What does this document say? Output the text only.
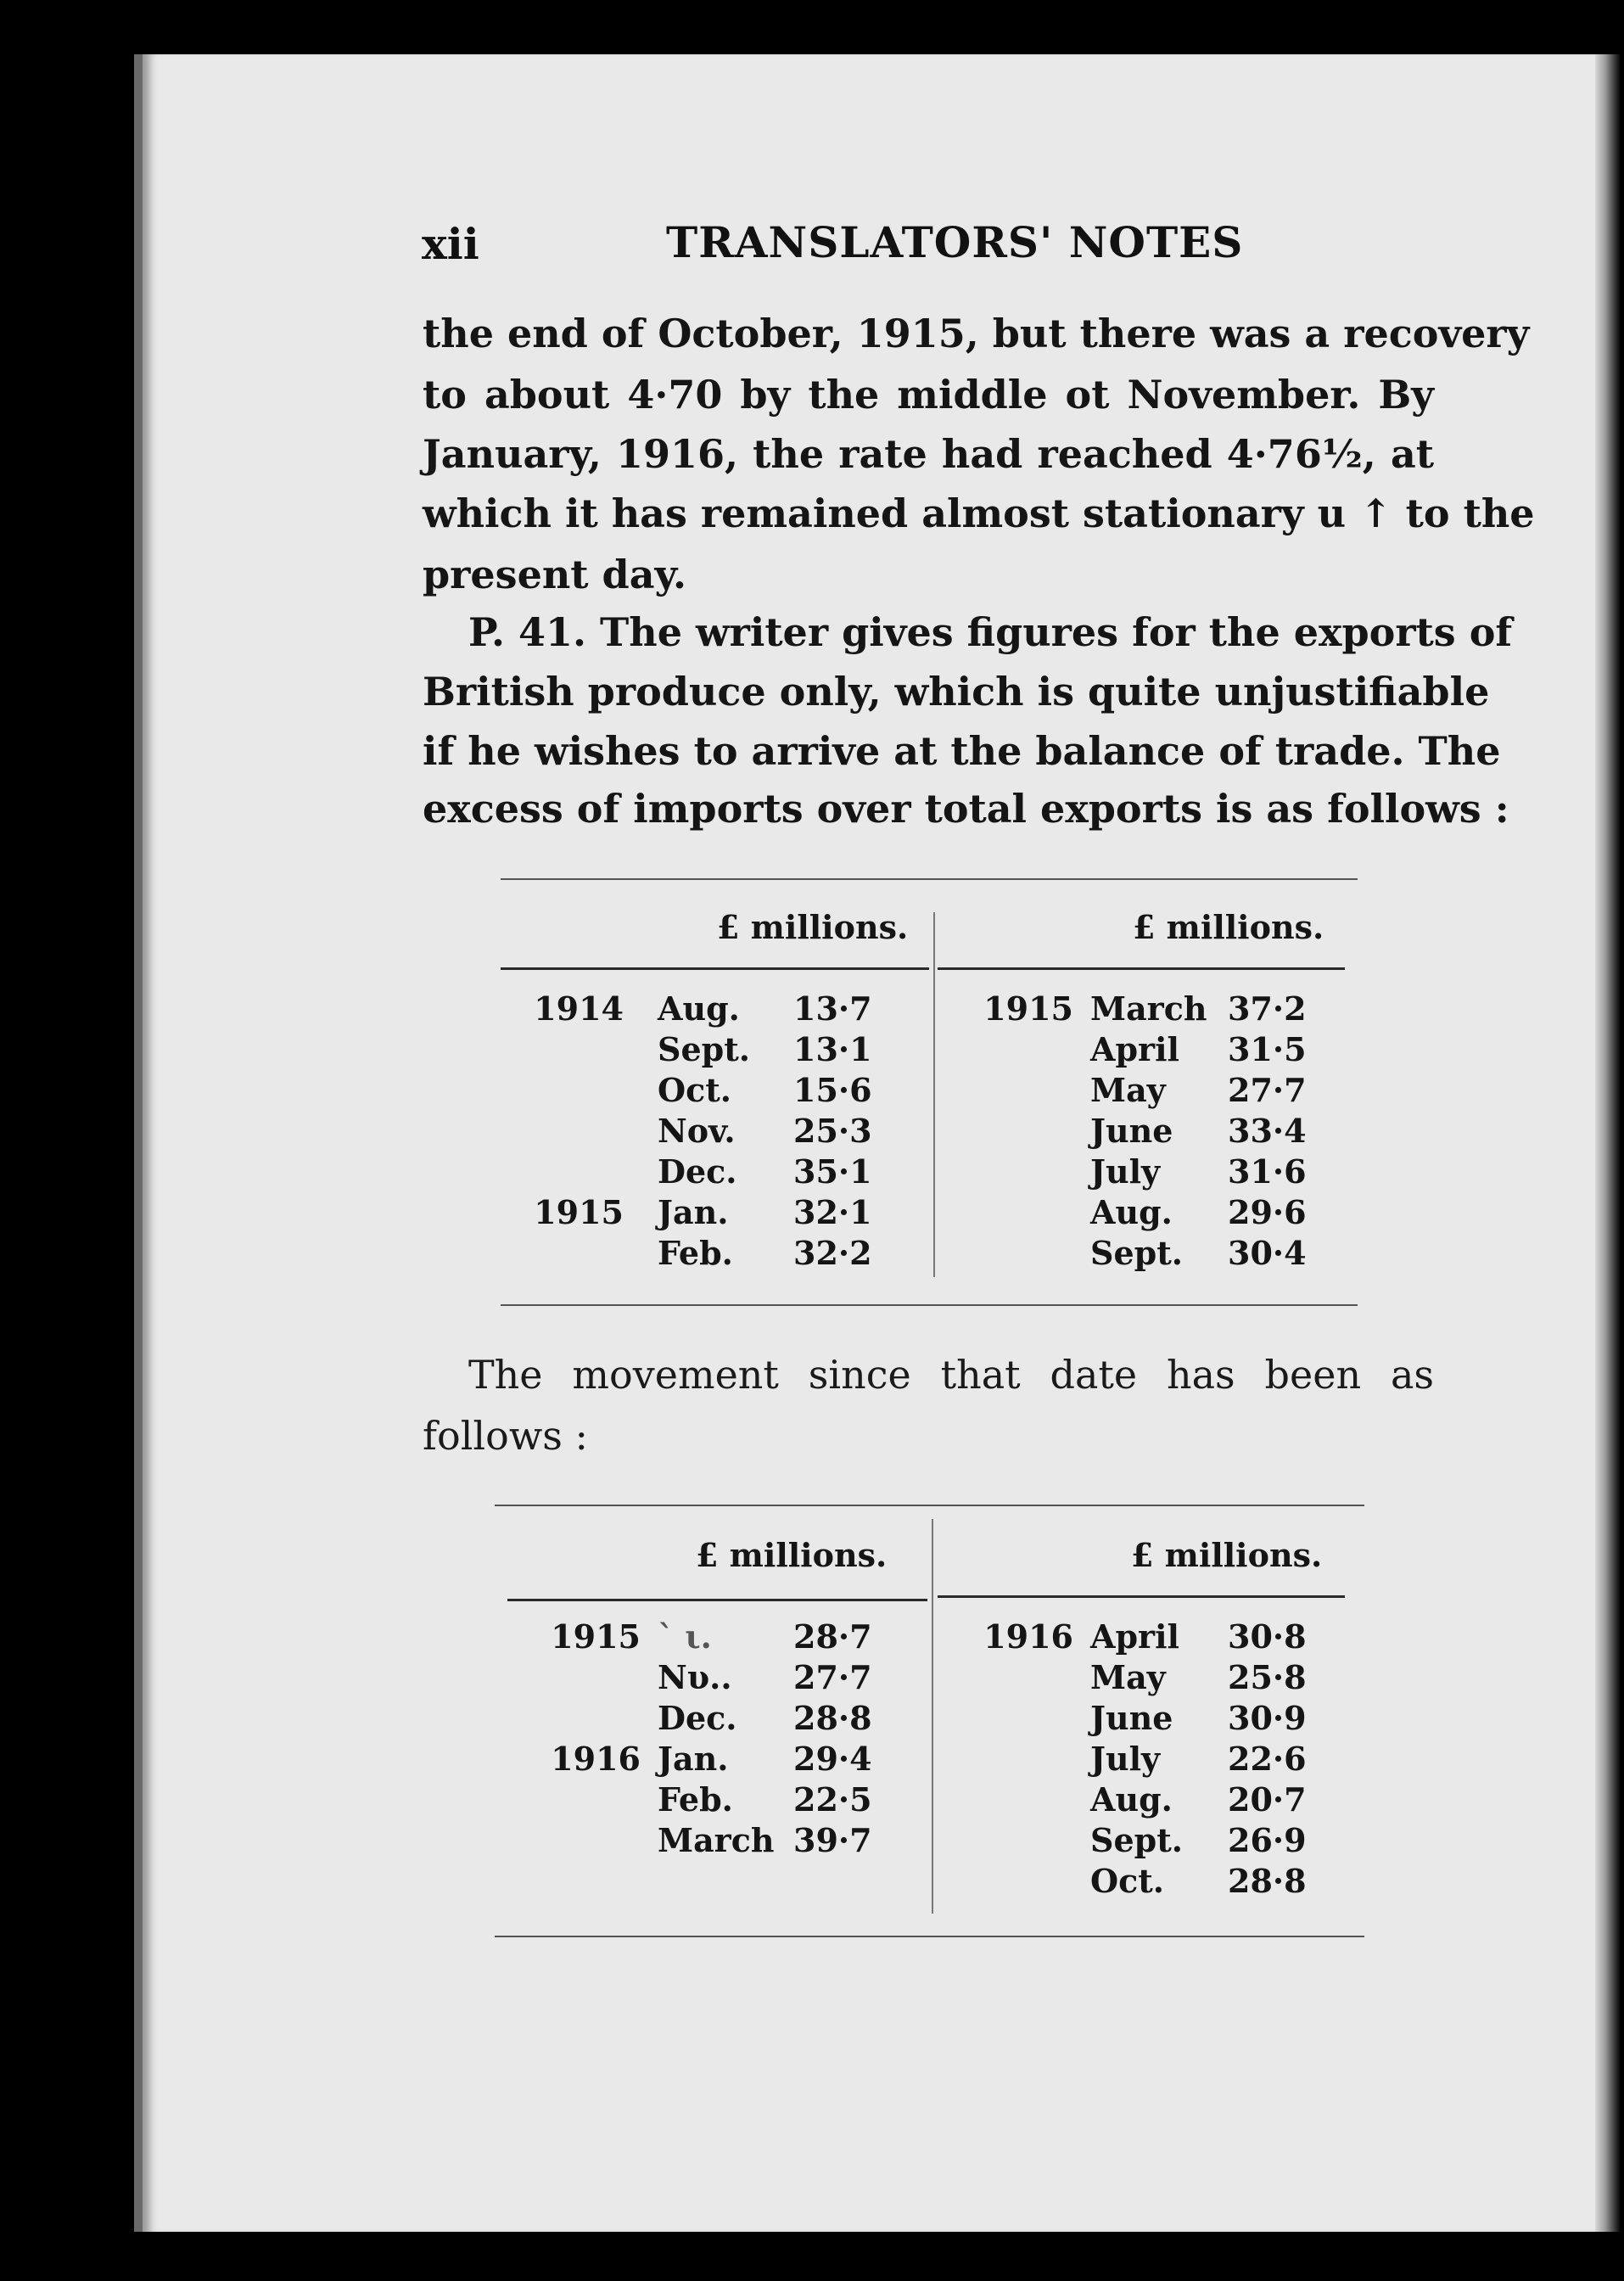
xii	TRANSLATORS' NOTES
the end of October, 1915, but there was a recovery
to about 4·70 by the middle ot November. By
January, 1916, the rate had reached 4·76½, at
which it has remained almost stationary u ↑ to the
present day.
P. 41. The writer gives figures for the exports of
British produce only, which is quite unjustifiable
if he wishes to arrive at the balance of trade. The
excess of imports over total exports is as follows :
£ millions.	£ millions.
1914 Aug. 13·7
Sept. 13·1
Oct. 15·6
Nov. 25·3
Dec. 35·1
1915 Jan. 32·1
Feb. 32·2
1915 March 37·2
April 31·5
May 27·7
June 33·4
July 31·6
Aug. 29·6
Sept. 30·4
The movement since that date has been as
follows :
£ millions.	£ millions.
1915 ` ι.	28·7
Nυ.. 27·7
Dec. 28·8
1916 Jan. 29·4
Feb. 22·5
March 39·7
1916 April 30·8
May 25·8
June 30·9
July 22·6
Aug. 20·7
Sept. 26·9
Oct. 28·8
